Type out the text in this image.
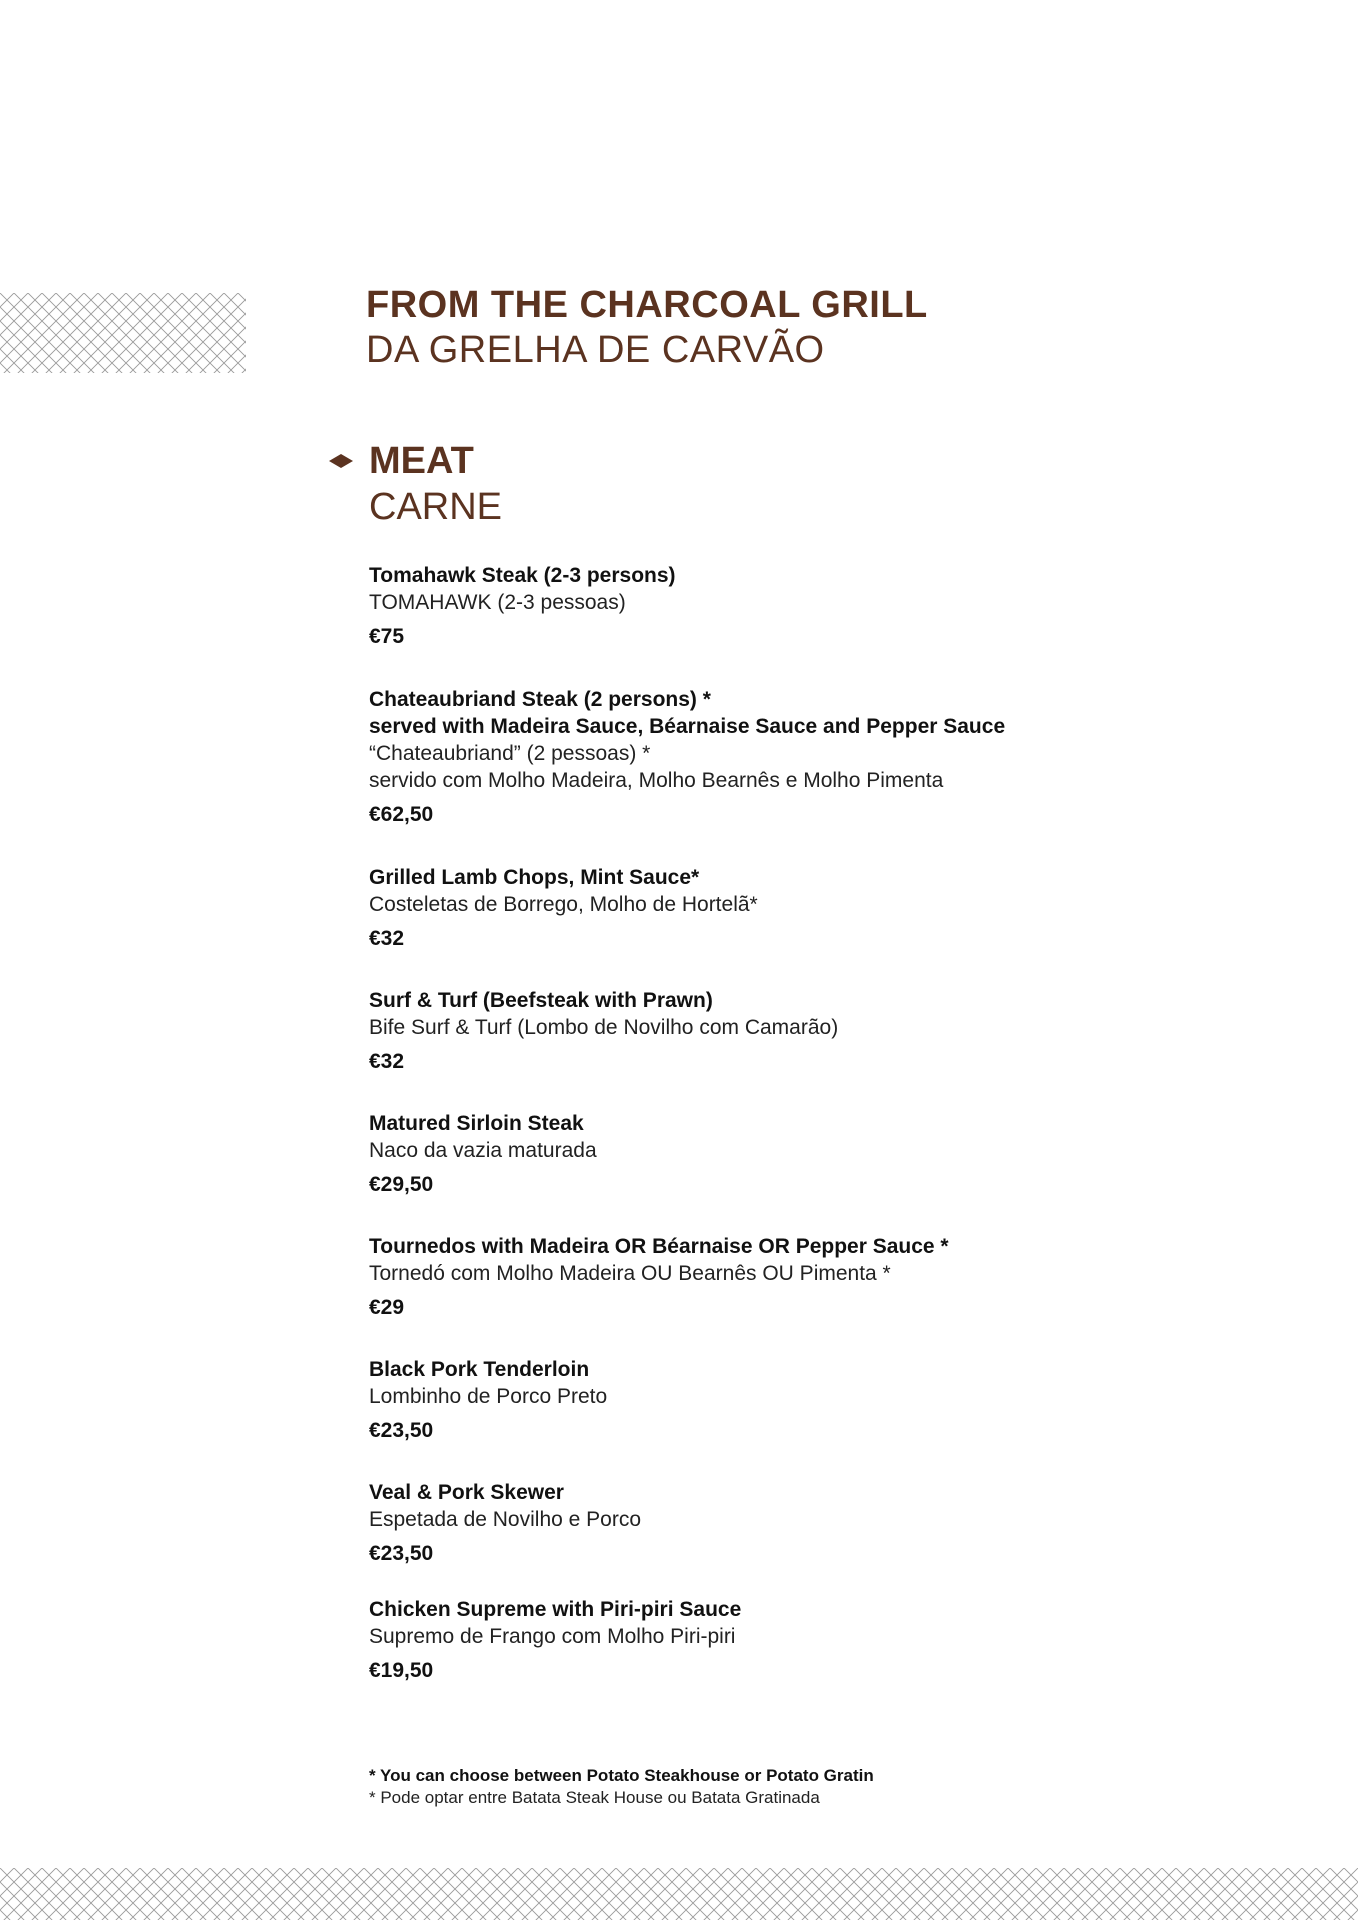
FROM THE CHARCOAL GRILL
DA GRELHA DE CARVÃO
MEAT
CARNE
Tomahawk Steak (2-3 persons)
TOMAHAWK (2-3 pessoas)
€75
Chateaubriand Steak (2 persons) *
served with Madeira Sauce, Béarnaise Sauce and Pepper Sauce
“Chateaubriand” (2 pessoas) *
servido com Molho Madeira, Molho Bearnês e Molho Pimenta
€62,50
Grilled Lamb Chops, Mint Sauce*
Costeletas de Borrego, Molho de Hortelã*
€32
Surf & Turf (Beefsteak with Prawn)
Bife Surf & Turf (Lombo de Novilho com Camarão)
€32
Matured Sirloin Steak
Naco da vazia maturada
€29,50
Tournedos with Madeira OR Béarnaise OR Pepper Sauce *
Tornedó com Molho Madeira OU Bearnês OU Pimenta *
€29
Black Pork Tenderloin
Lombinho de Porco Preto
€23,50
Veal & Pork Skewer
Espetada de Novilho e Porco
€23,50
Chicken Supreme with Piri-piri Sauce
Supremo de Frango com Molho Piri-piri
€19,50
* You can choose between Potato Steakhouse or Potato Gratin
* Pode optar entre Batata Steak House ou Batata Gratinada
